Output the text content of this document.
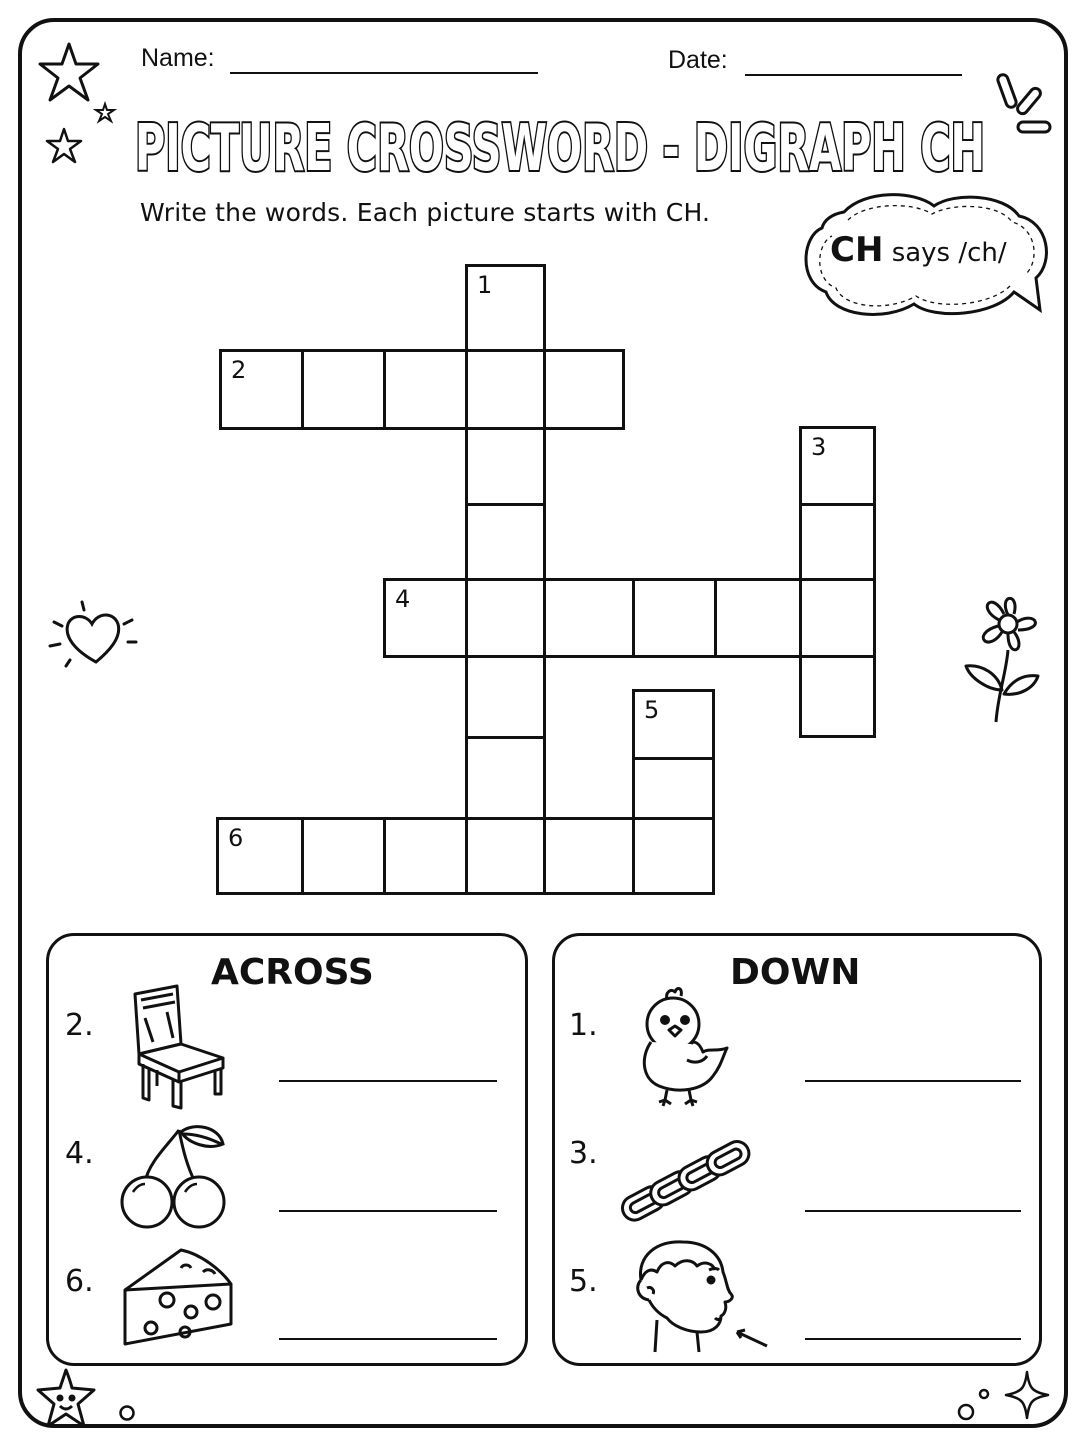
Name:	Date:
PICTURE CROSSWORD - DIGRAPH CH
Write the words. Each picture starts with CH.
CH says /ch/
1
2
3
4
5
6
ACROSS
2.
4.
6.
DOWN
1.
3.
5.
